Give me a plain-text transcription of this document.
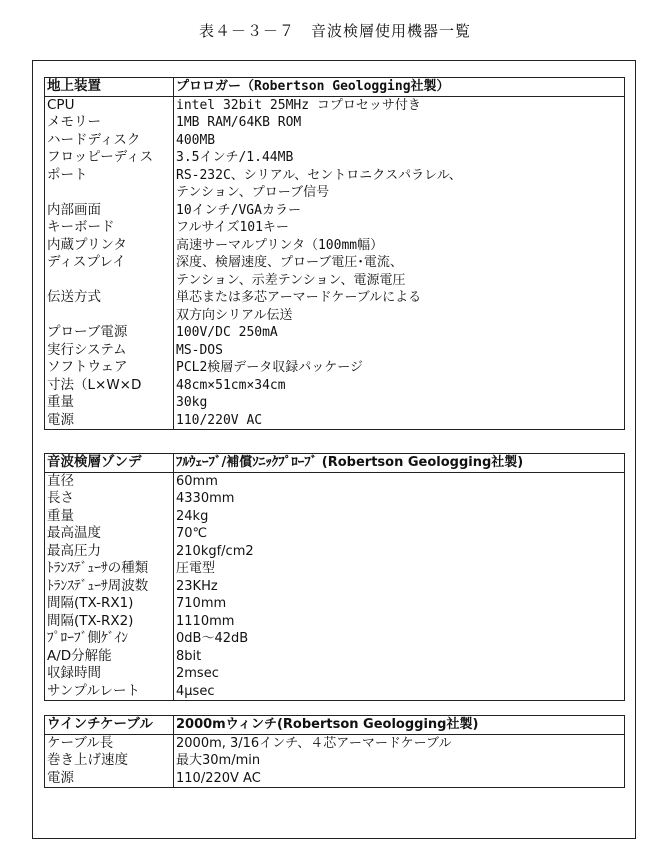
表４－３－７　音波検層使用機器一覧
地上装置	プロロガー（Robertson Geologging社製）
CPU	intel 32bit 25MHz コプロセッサ付き
メモリー	1MB RAM/64KB ROM
ハードディスク	400MB
フロッピーディス	3.5インチ/1.44MB
ポート	RS-232C、シリアル、セントロニクスパラレル、
	テンション、プローブ信号
内部画面	10インチ/VGAカラー
キーボード	フルサイズ101キー
内蔵プリンタ	高速サーマルプリンタ（100mm幅）
ディスプレイ	深度、検層速度、プローブ電圧･電流、
	テンション、示差テンション、電源電圧
伝送方式	単芯または多芯アーマードケーブルによる
	双方向シリアル伝送
プローブ電源	100V/DC 250mA
実行システム	MS-DOS
ソフトウェア	PCL2検層データ収録パッケージ
寸法（L×W×D	48cm×51cm×34cm
重量	30kg
電源	110/220V AC
音波検層ゾンデ	ﾌﾙｳｪｰﾌﾞ/補償ｿﾆｯｸﾌﾟﾛｰﾌﾞ (Robertson Geologging社製)
直径	60mm
長さ	4330mm
重量	24kg
最高温度	70℃
最高圧力	210kgf/cm2
ﾄﾗﾝｽﾃﾞｭｰｻの種類	圧電型
ﾄﾗﾝｽﾃﾞｭｰｻ周波数	23KHz
間隔(TX-RX1)	710mm
間隔(TX-RX2)	1110mm
ﾌﾟﾛｰﾌﾞ側ｹﾞｲﾝ	0dB～42dB
A/D分解能	8bit
収録時間	2msec
サンプルレート	4μsec
ウインチケーブル	2000mウィンチ(Robertson Geologging社製)
ケーブル長	2000m, 3/16インチ、４芯アーマードケーブル
巻き上げ速度	最大30m/min
電源	110/220V AC
